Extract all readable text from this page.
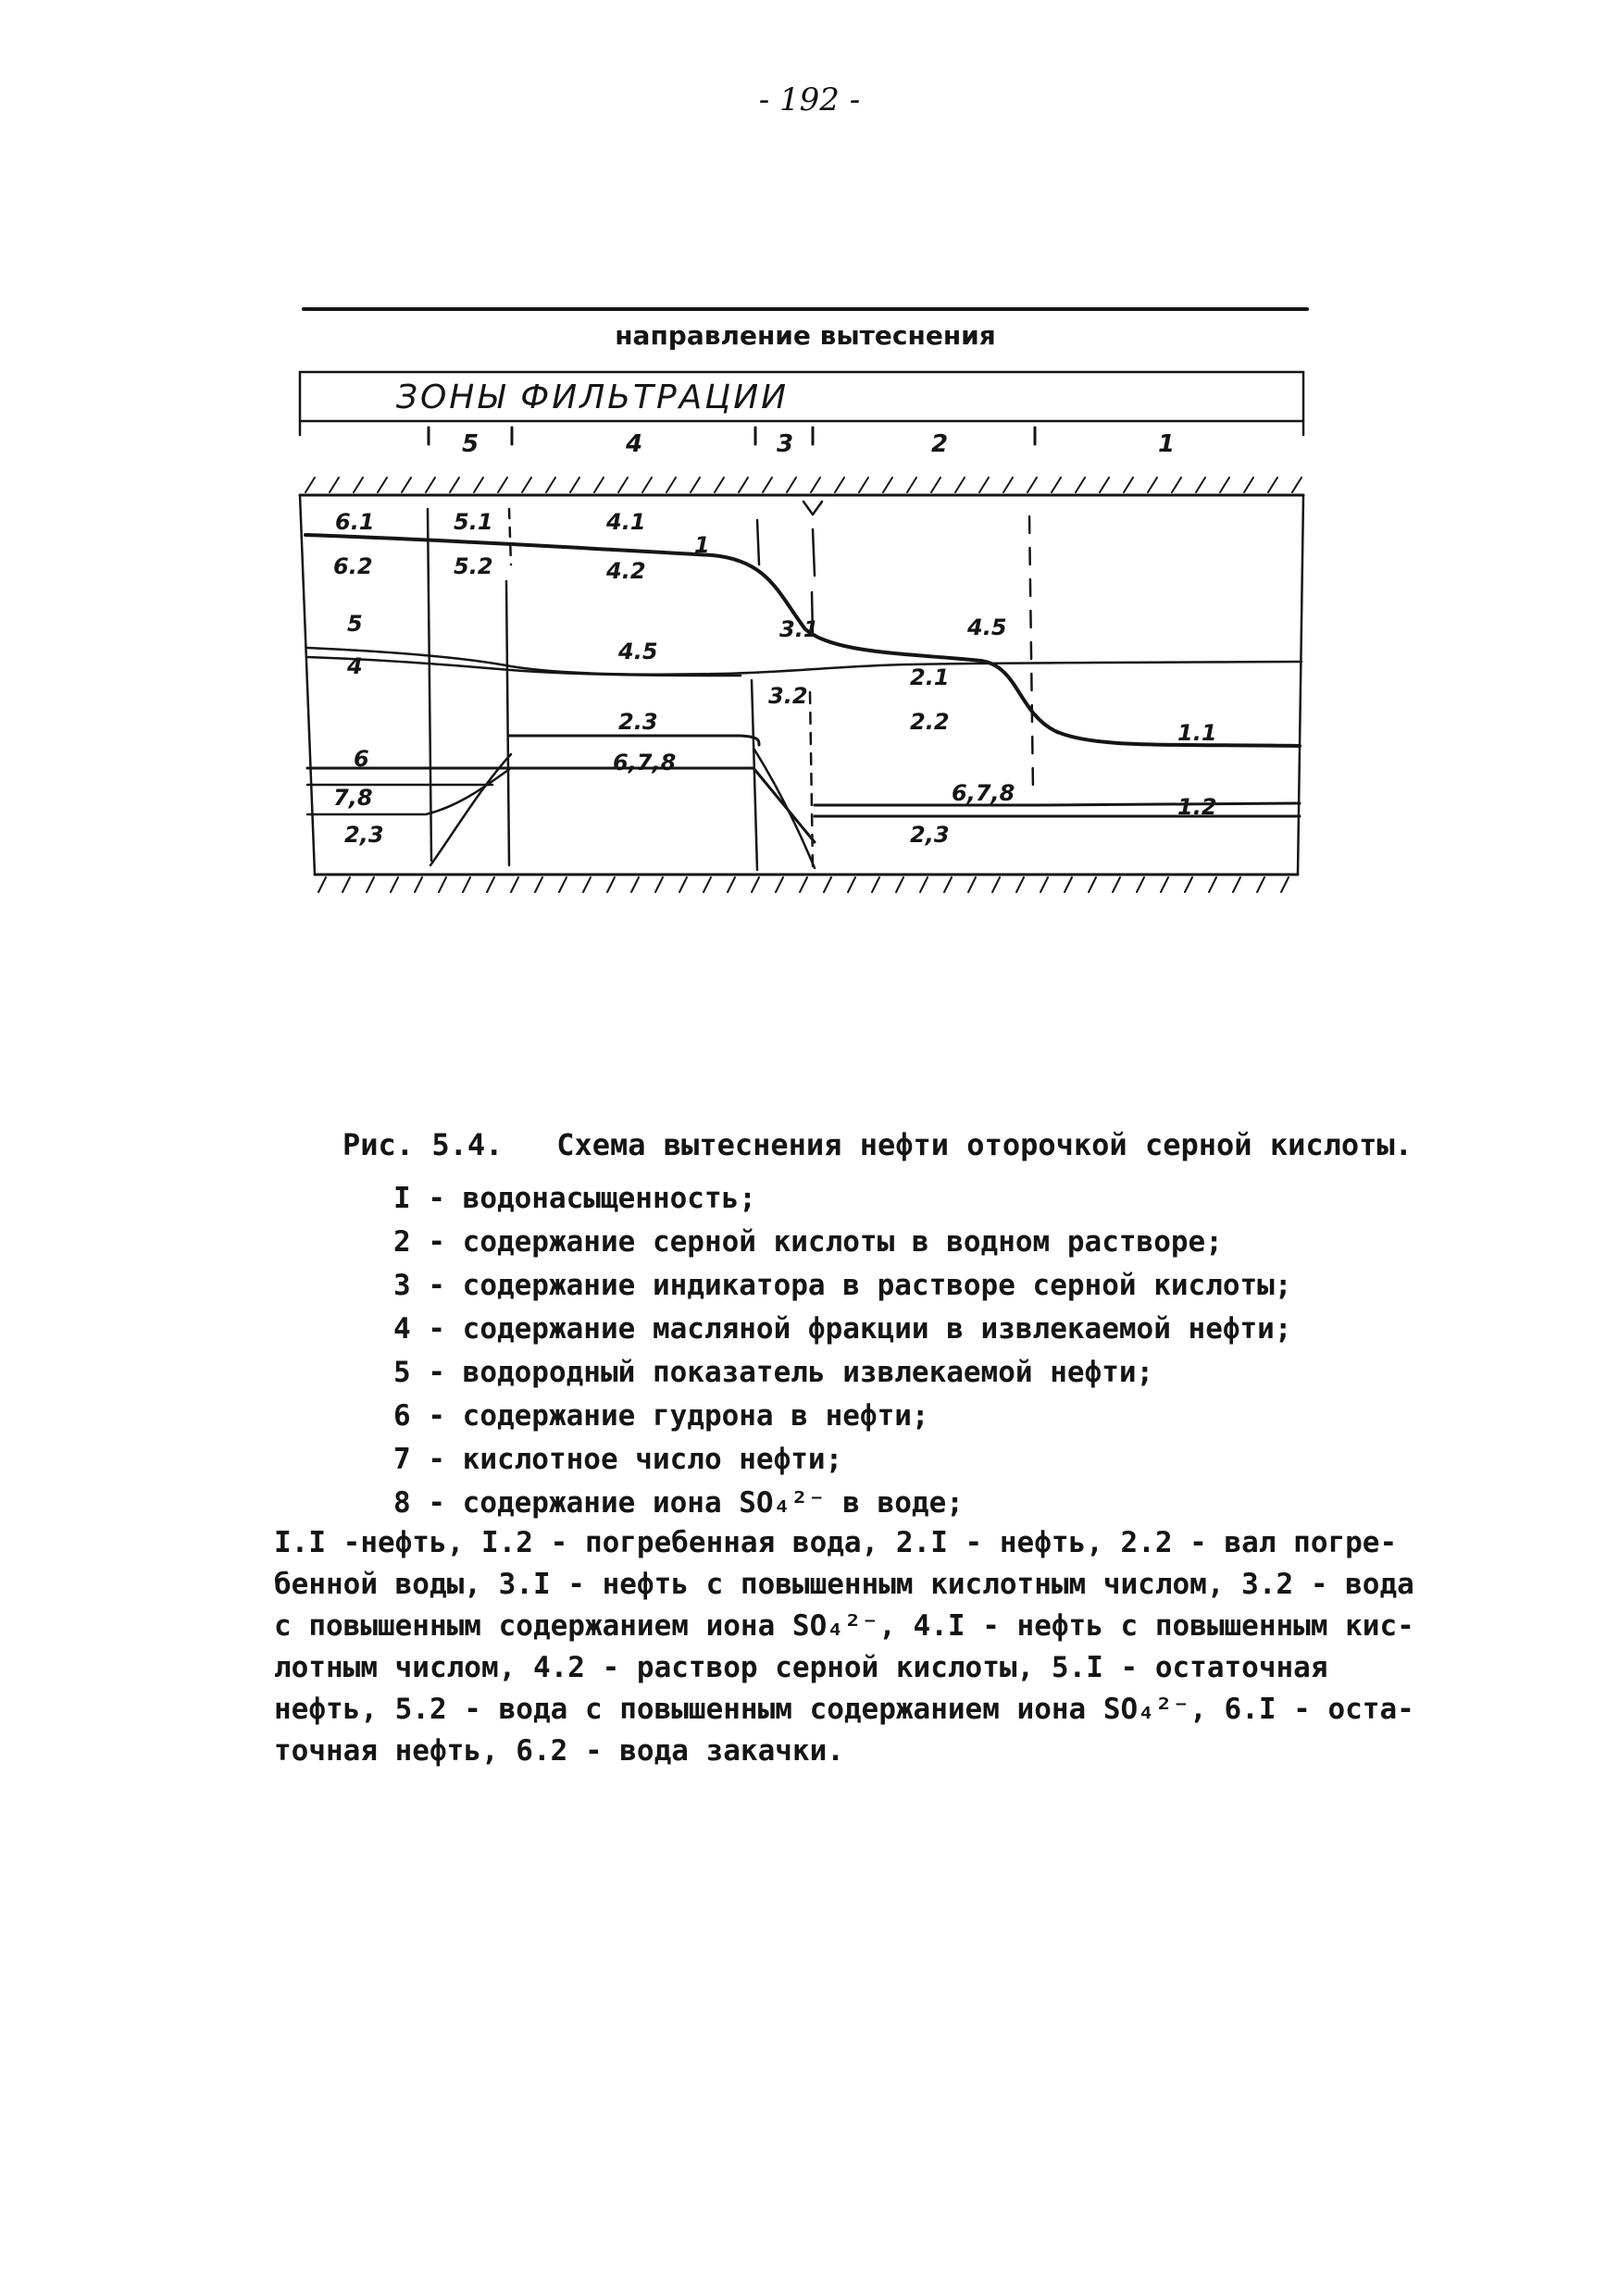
- 192 -
направление вытеснения
ЗОНЫ ФИЛЬТРАЦИИ
5	4	3	2	1
6.1
6.2
5.1
5.2
4.1
4.2
1
5
4
4.5
3.1	4.5
2.1
3.2
2.2
2.3
6,7,8
6
7,8
2,3
6,7,8
2,3
1.1
1.2
Рис. 5.4. Схема вытеснения нефти оторочкой серной кислоты.
I - водонасыщенность;
2 - содержание серной кислоты в водном растворе;
3 - содержание индикатора в растворе серной кислоты;
4 - содержание масляной фракции в извлекаемой нефти;
5 - водородный показатель извлекаемой нефти;
6 - содержание гудрона в нефти;
7 - кислотное число нефти;
8 - содержание иона SO₄²⁻ в воде;
I.I -нефть, I.2 - погребенная вода, 2.I - нефть, 2.2 - вал погре-
бенной воды, 3.I - нефть с повышенным кислотным числом, 3.2 - вода
с повышенным содержанием иона SO₄²⁻, 4.I - нефть с повышенным кис-
лотным числом, 4.2 - раствор серной кислоты, 5.I - остаточная
нефть, 5.2 - вода с повышенным содержанием иона SO₄²⁻, 6.I - оста-
точная нефть, 6.2 - вода закачки.
